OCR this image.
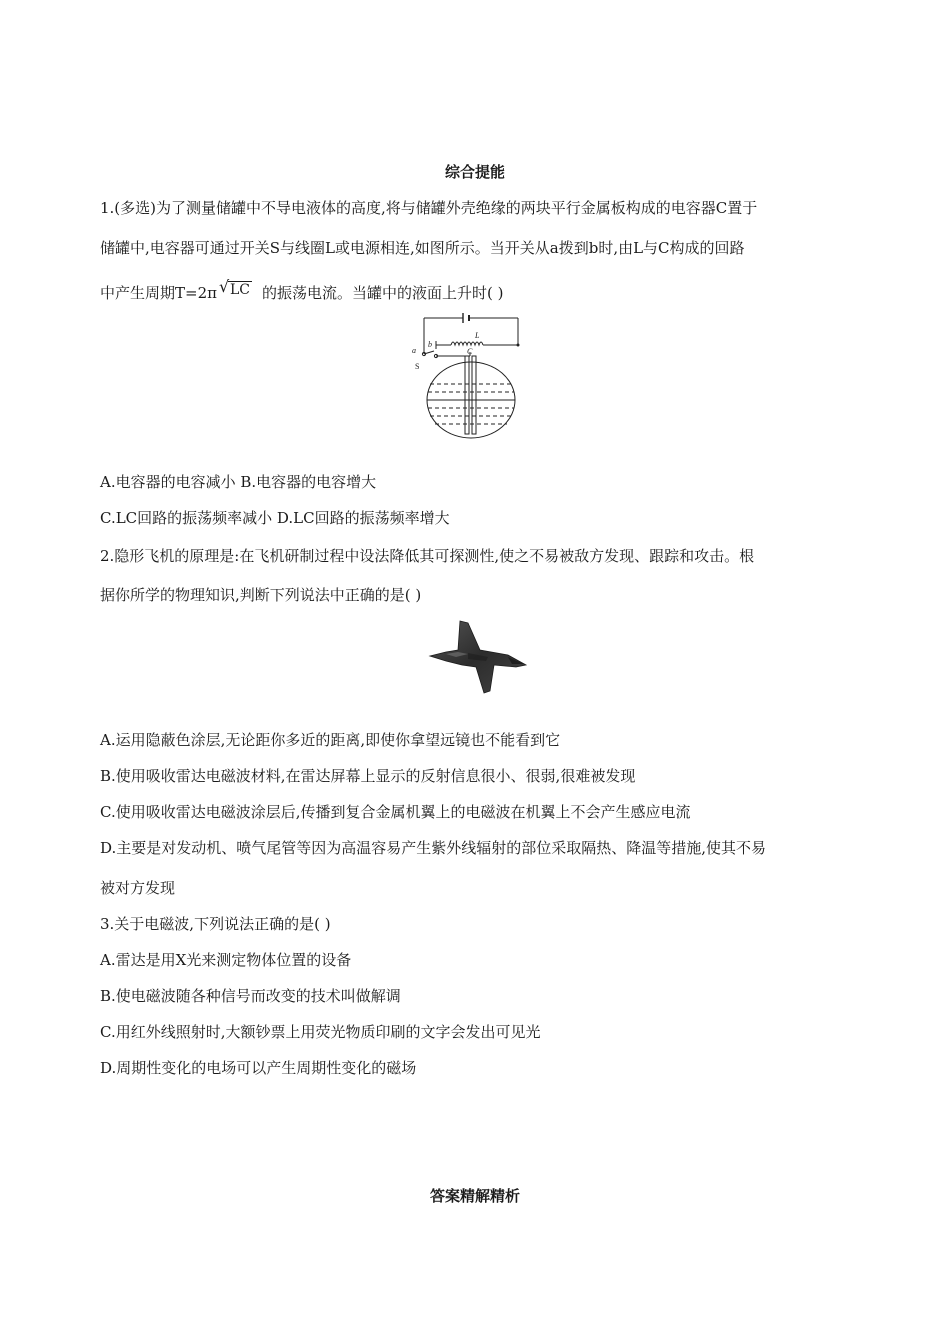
综合提能
1.(多选)为了测量储罐中不导电液体的高度,将与储罐外壳绝缘的两块平行金属板构成的电容器C置于
储罐中,电容器可通过开关S与线圈L或电源相连,如图所示。当开关从a拨到b时,由L与C构成的回路
中产生周期T=2π √ LC 的振荡电流。当罐中的液面上升时( )
a
b
S
L
C
A.电容器的电容减小 B.电容器的电容增大
C.LC回路的振荡频率减小 D.LC回路的振荡频率增大
2.隐形飞机的原理是:在飞机研制过程中设法降低其可探测性,使之不易被敌方发现、跟踪和攻击。根
据你所学的物理知识,判断下列说法中正确的是( )
A.运用隐蔽色涂层,无论距你多近的距离,即使你拿望远镜也不能看到它
B.使用吸收雷达电磁波材料,在雷达屏幕上显示的反射信息很小、很弱,很难被发现
C.使用吸收雷达电磁波涂层后,传播到复合金属机翼上的电磁波在机翼上不会产生感应电流
D.主要是对发动机、喷气尾管等因为高温容易产生紫外线辐射的部位采取隔热、降温等措施,使其不易
被对方发现
3.关于电磁波,下列说法正确的是( )
A.雷达是用X光来测定物体位置的设备
B.使电磁波随各种信号而改变的技术叫做解调
C.用红外线照射时,大额钞票上用荧光物质印刷的文字会发出可见光
D.周期性变化的电场可以产生周期性变化的磁场
答案精解精析
